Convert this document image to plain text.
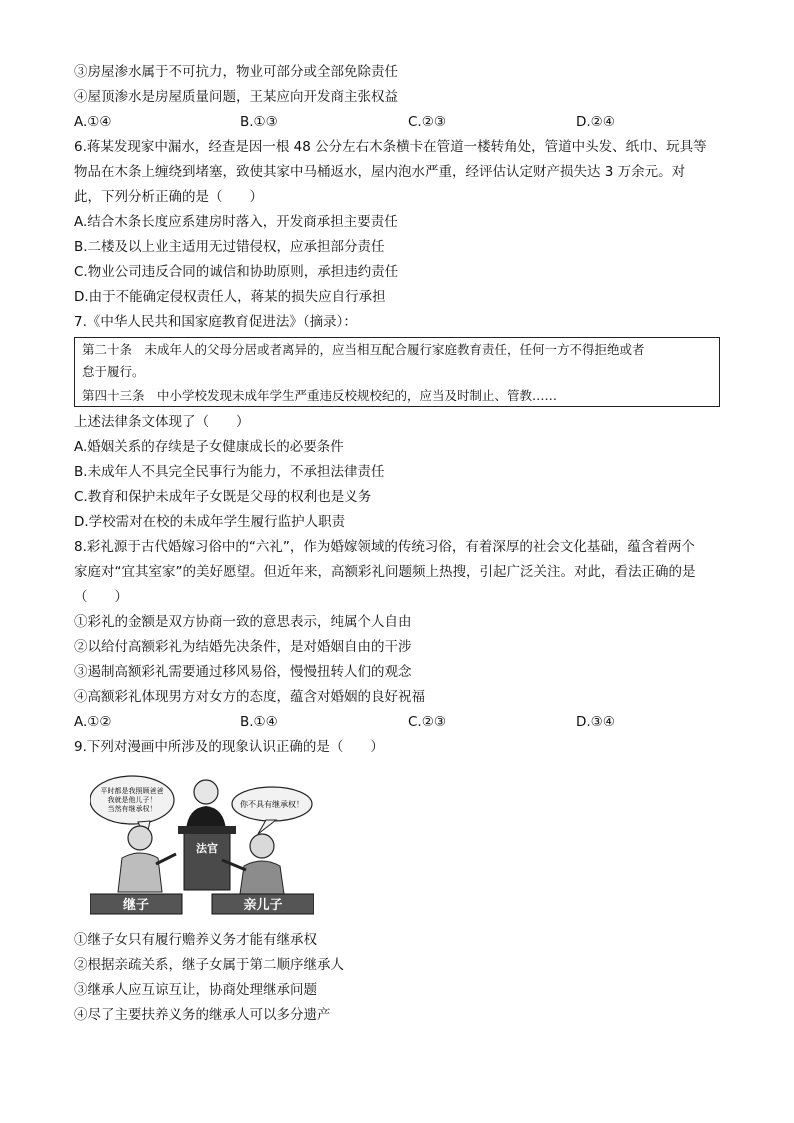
③房屋渗水属于不可抗力，物业可部分或全部免除责任
④屋顶渗水是房屋质量问题，王某应向开发商主张权益
A.①④	B.①③	C.②③	D.②④
6.蒋某发现家中漏水，经查是因一根 48 公分左右木条横卡在管道一楼转角处，管道中头发、纸巾、玩具等
物品在木条上缠绕到堵塞，致使其家中马桶返水，屋内泡水严重，经评估认定财产损失达 3 万余元。对
此，下列分析正确的是（　　）
A.结合木条长度应系建房时落入，开发商承担主要责任
B.二楼及以上业主适用无过错侵权，应承担部分责任
C.物业公司违反合同的诚信和协助原则，承担违约责任
D.由于不能确定侵权责任人，蒋某的损失应自行承担
7.《中华人民共和国家庭教育促进法》（摘录）：
第二十条　未成年人的父母分居或者离异的，应当相互配合履行家庭教育责任，任何一方不得拒绝或者
怠于履行。
第四十三条　中小学校发现未成年学生严重违反校规校纪的，应当及时制止、管教……
上述法律条文体现了（　　）
A.婚姻关系的存续是子女健康成长的必要条件
B.未成年人不具完全民事行为能力，不承担法律责任
C.教育和保护未成年子女既是父母的权利也是义务
D.学校需对在校的未成年学生履行监护人职责
8.彩礼源于古代婚嫁习俗中的“六礼”，作为婚嫁领域的传统习俗，有着深厚的社会文化基础，蕴含着两个
家庭对“宜其室家”的美好愿望。但近年来，高额彩礼问题频上热搜，引起广泛关注。对此，看法正确的是
（　　）
①彩礼的金额是双方协商一致的意思表示，纯属个人自由
②以给付高额彩礼为结婚先决条件，是对婚姻自由的干涉
③遏制高额彩礼需要通过移风易俗，慢慢扭转人们的观念
④高额彩礼体现男方对女方的态度，蕴含对婚姻的良好祝福
A.①②	B.①④	C.②③	D.③④
9.下列对漫画中所涉及的现象认识正确的是（　　）
平时都是我照顾爸爸
我就是他儿子！
当然有继承权！	你不具有继承权！
法官
继子	亲儿子
①继子女只有履行赡养义务才能有继承权
②根据亲疏关系，继子女属于第二顺序继承人
③继承人应互谅互让，协商处理继承问题
④尽了主要扶养义务的继承人可以多分遗产
